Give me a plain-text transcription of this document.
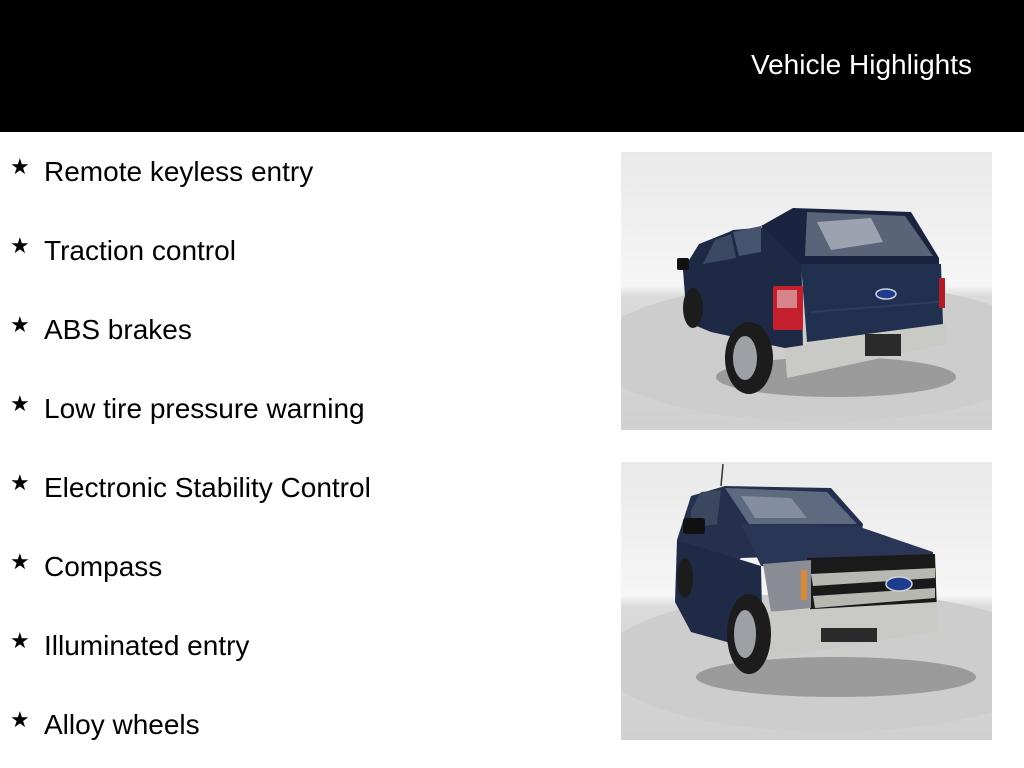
Vehicle Highlights
★ Remote keyless entry
★ Traction control
★ ABS brakes
★ Low tire pressure warning
★ Electronic Stability Control
★ Compass
★ Illuminated entry
★ Alloy wheels
